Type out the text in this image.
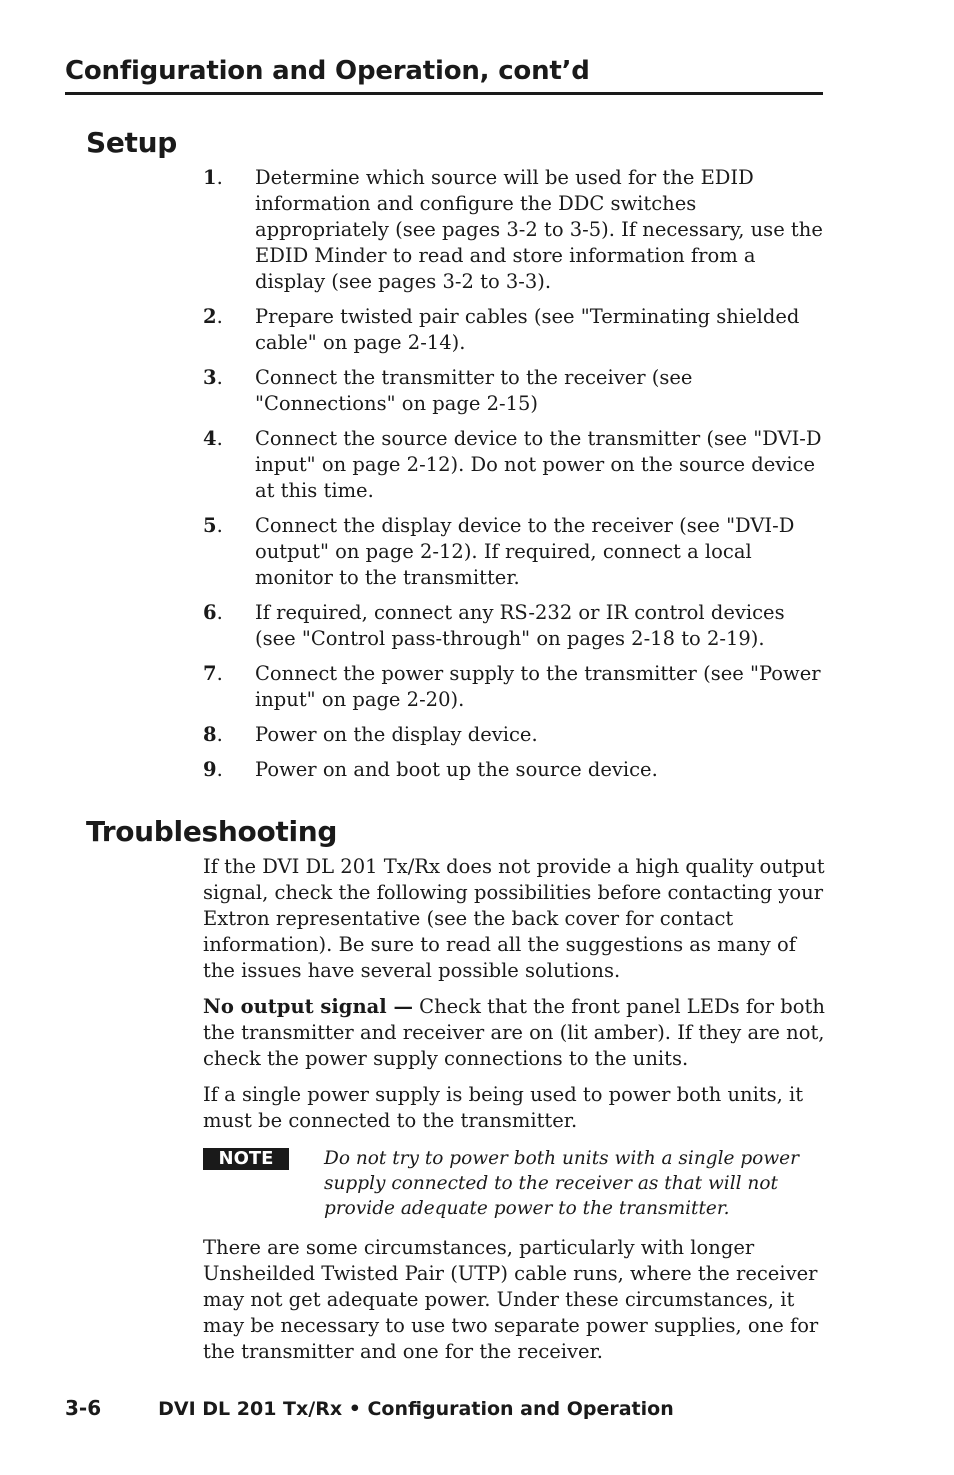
Configuration and Operation, cont’d
Setup
1.	Determine which source will be used for the EDID information and configure the DDC switches appropriately (see pages 3-2 to 3-5). If necessary, use the EDID Minder to read and store information from a display (see pages 3-2 to 3-3).
2.	Prepare twisted pair cables (see "Terminating shielded cable" on page 2-14).
3.	Connect the transmitter to the receiver (see "Connections" on page 2-15)
4.	Connect the source device to the transmitter (see "DVI-D input" on page 2-12). Do not power on the source device at this time.
5.	Connect the display device to the receiver (see "DVI-D output" on page 2-12). If required, connect a local monitor to the transmitter.
6.	If required, connect any RS-232 or IR control devices (see "Control pass-through" on pages 2-18 to 2-19).
7.	Connect the power supply to the transmitter (see "Power input" on page 2-20).
8.	Power on the display device.
9.	Power on and boot up the source device.
Troubleshooting

If the DVI DL 201 Tx/Rx does not provide a high quality output signal, check the following possibilities before contacting your Extron representative (see the back cover for contact information). Be sure to read all the suggestions as many of the issues have several possible solutions.

No output signal — Check that the front panel LEDs for both the transmitter and receiver are on (lit amber). If they are not, check the power supply connections to the units.

If a single power supply is being used to power both units, it must be connected to the transmitter.

NOTE	Do not try to power both units with a single power supply connected to the receiver as that will not provide adequate power to the transmitter.

There are some circumstances, particularly with longer Unsheilded Twisted Pair (UTP) cable runs, where the receiver may not get adequate power. Under these circumstances, it may be necessary to use two separate power supplies, one for the transmitter and one for the receiver.

3-6	DVI DL 201 Tx/Rx • Configuration and Operation
